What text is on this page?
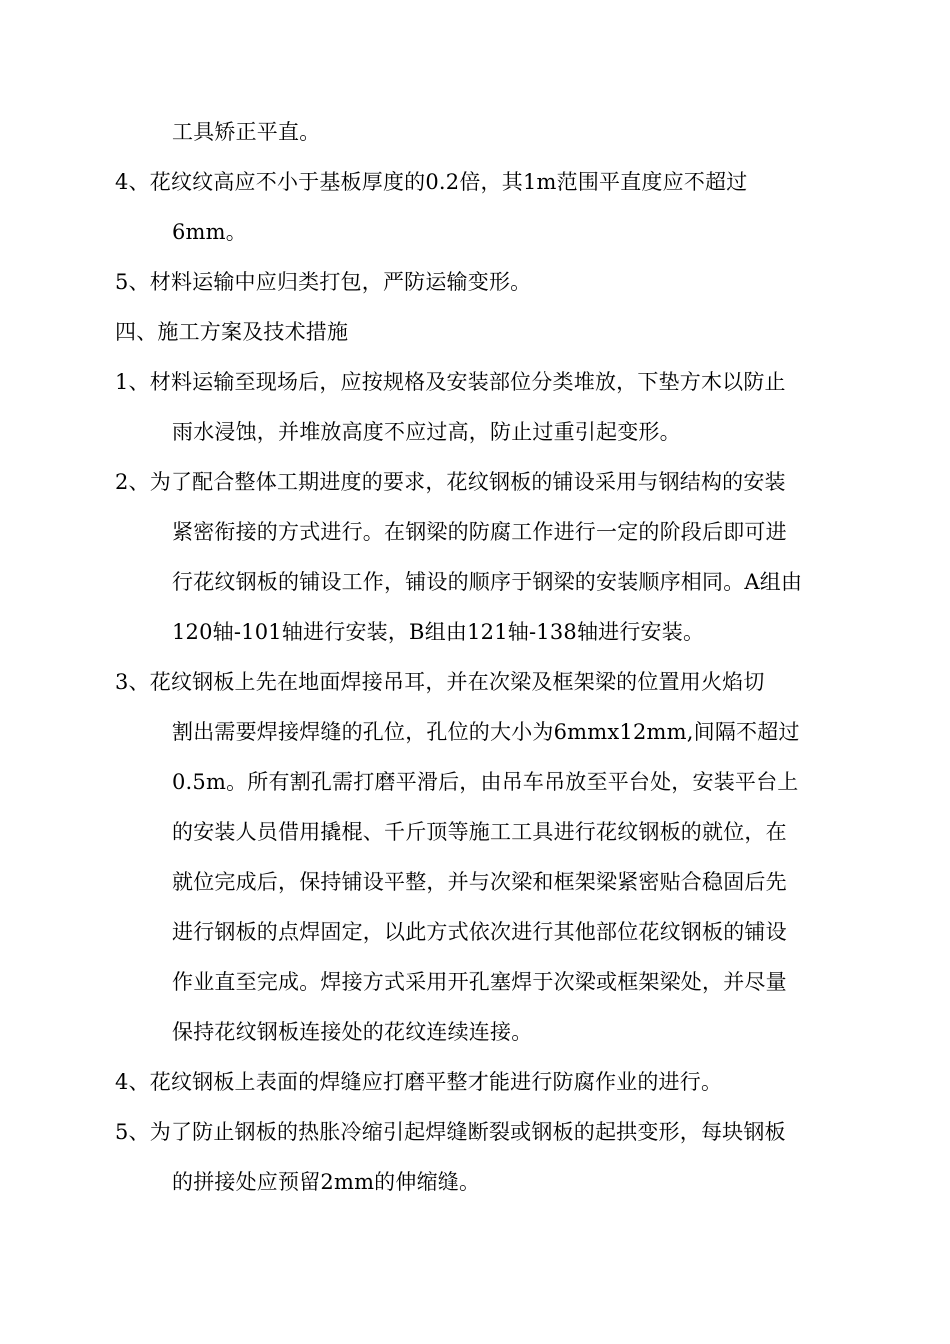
工具矫正平直。
4、花纹纹高应不小于基板厚度的0.2倍，其1m范围平直度应不超过
6mm。
5、材料运输中应归类打包，严防运输变形。
四、施工方案及技术措施
1、材料运输至现场后，应按规格及安装部位分类堆放，下垫方木以防止
雨水浸蚀，并堆放高度不应过高，防止过重引起变形。
2、为了配合整体工期进度的要求，花纹钢板的铺设采用与钢结构的安装
紧密衔接的方式进行。在钢梁的防腐工作进行一定的阶段后即可进
行花纹钢板的铺设工作，铺设的顺序于钢梁的安装顺序相同。A组由
120轴-101轴进行安装，B组由121轴-138轴进行安装。
3、花纹钢板上先在地面焊接吊耳，并在次梁及框架梁的位置用火焰切
割出需要焊接焊缝的孔位，孔位的大小为6mmx12mm,间隔不超过
0.5m。所有割孔需打磨平滑后，由吊车吊放至平台处，安装平台上
的安装人员借用撬棍、千斤顶等施工工具进行花纹钢板的就位，在
就位完成后，保持铺设平整，并与次梁和框架梁紧密贴合稳固后先
进行钢板的点焊固定，以此方式依次进行其他部位花纹钢板的铺设
作业直至完成。焊接方式采用开孔塞焊于次梁或框架梁处，并尽量
保持花纹钢板连接处的花纹连续连接。
4、花纹钢板上表面的焊缝应打磨平整才能进行防腐作业的进行。
5、为了防止钢板的热胀冷缩引起焊缝断裂或钢板的起拱变形，每块钢板
的拼接处应预留2mm的伸缩缝。
